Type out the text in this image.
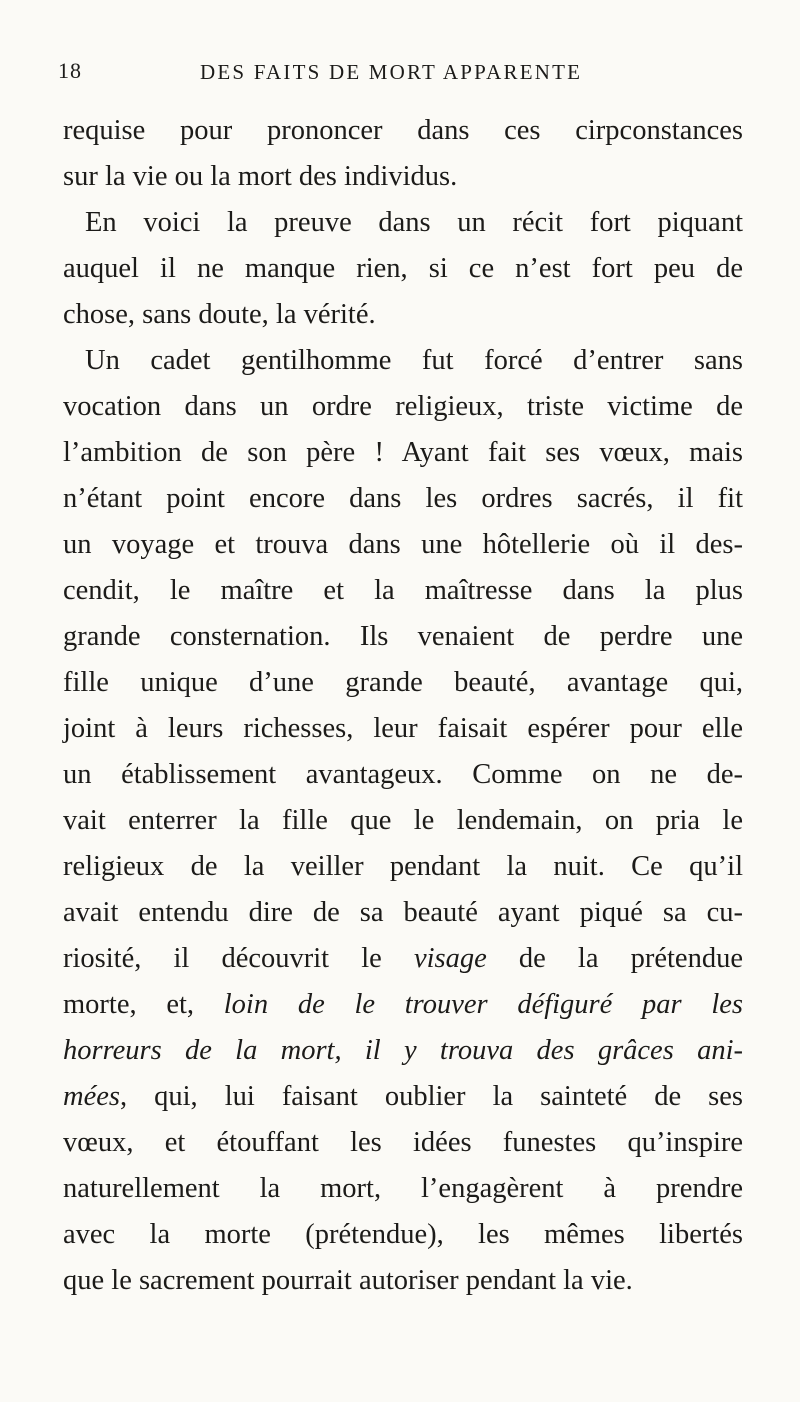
18	DES FAITS DE MORT APPARENTE
requise pour prononcer dans ces cirpconstances
sur la vie ou la mort des individus.
En voici la preuve dans un récit fort piquant
auquel il ne manque rien, si ce n’est fort peu de
chose, sans doute, la vérité.
Un cadet gentilhomme fut forcé d’entrer sans
vocation dans un ordre religieux, triste victime de
l’ambition de son père ! Ayant fait ses vœux, mais
n’étant point encore dans les ordres sacrés, il fit
un voyage et trouva dans une hôtellerie où il des-
cendit, le maître et la maîtresse dans la plus
grande consternation. Ils venaient de perdre une
fille unique d’une grande beauté, avantage qui,
joint à leurs richesses, leur faisait espérer pour elle
un établissement avantageux. Comme on ne de-
vait enterrer la fille que le lendemain, on pria le
religieux de la veiller pendant la nuit. Ce qu’il
avait entendu dire de sa beauté ayant piqué sa cu-
riosité, il découvrit le visage de la prétendue
morte, et, loin de le trouver défiguré par les
horreurs de la mort, il y trouva des grâces ani-
mées, qui, lui faisant oublier la sainteté de ses
vœux, et étouffant les idées funestes qu’inspire
naturellement la mort, l’engagèrent à prendre
avec la morte (prétendue), les mêmes libertés
que le sacrement pourrait autoriser pendant la vie.
